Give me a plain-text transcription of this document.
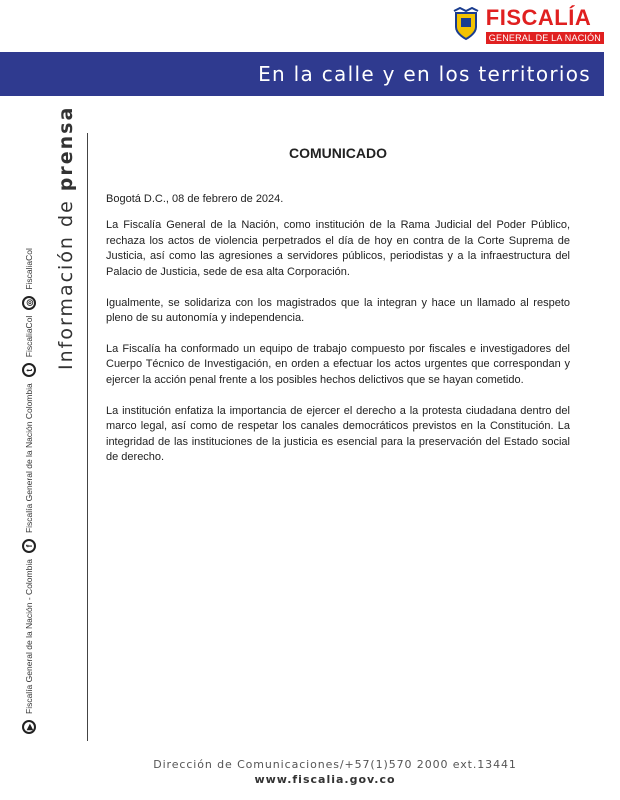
FISCALÍA
GENERAL DE LA NACIÓN
En la calle y en los territorios
▶
Fiscalía General de la Nación - Colombia
f
Fiscalía General de la Nación Colombia
t
FiscaliaCol
◎
FiscaliaCol Información de
prensa	COMUNICADO

Bogotá D.C., 08 de febrero de 2024.

La Fiscalía General de la Nación, como institución de la Rama Judicial del Poder Público, rechaza los actos de violencia perpetrados el día de hoy en contra de la Corte Suprema de Justicia, así como las agresiones a servidores públicos, periodistas y a la infraestructura del Palacio de Justicia, sede de esa alta Corporación.

Igualmente, se solidariza con los magistrados que la integran y hace un llamado al respeto pleno de su autonomía y independencia.

La Fiscalía ha conformado un equipo de trabajo compuesto por fiscales e investigadores del Cuerpo Técnico de Investigación, en orden a efectuar los actos urgentes que correspondan y ejercer la acción penal frente a los posibles hechos delictivos que se hayan cometido.

La institución enfatiza la importancia de ejercer el derecho a la protesta ciudadana dentro del marco legal, así como de respetar los canales democráticos previstos en la Constitución. La integridad de las instituciones de la justicia es esencial para la preservación del Estado social de derecho.

Dirección de Comunicaciones/+57(1)570 2000 ext.13441
www.fiscalia.gov.co
